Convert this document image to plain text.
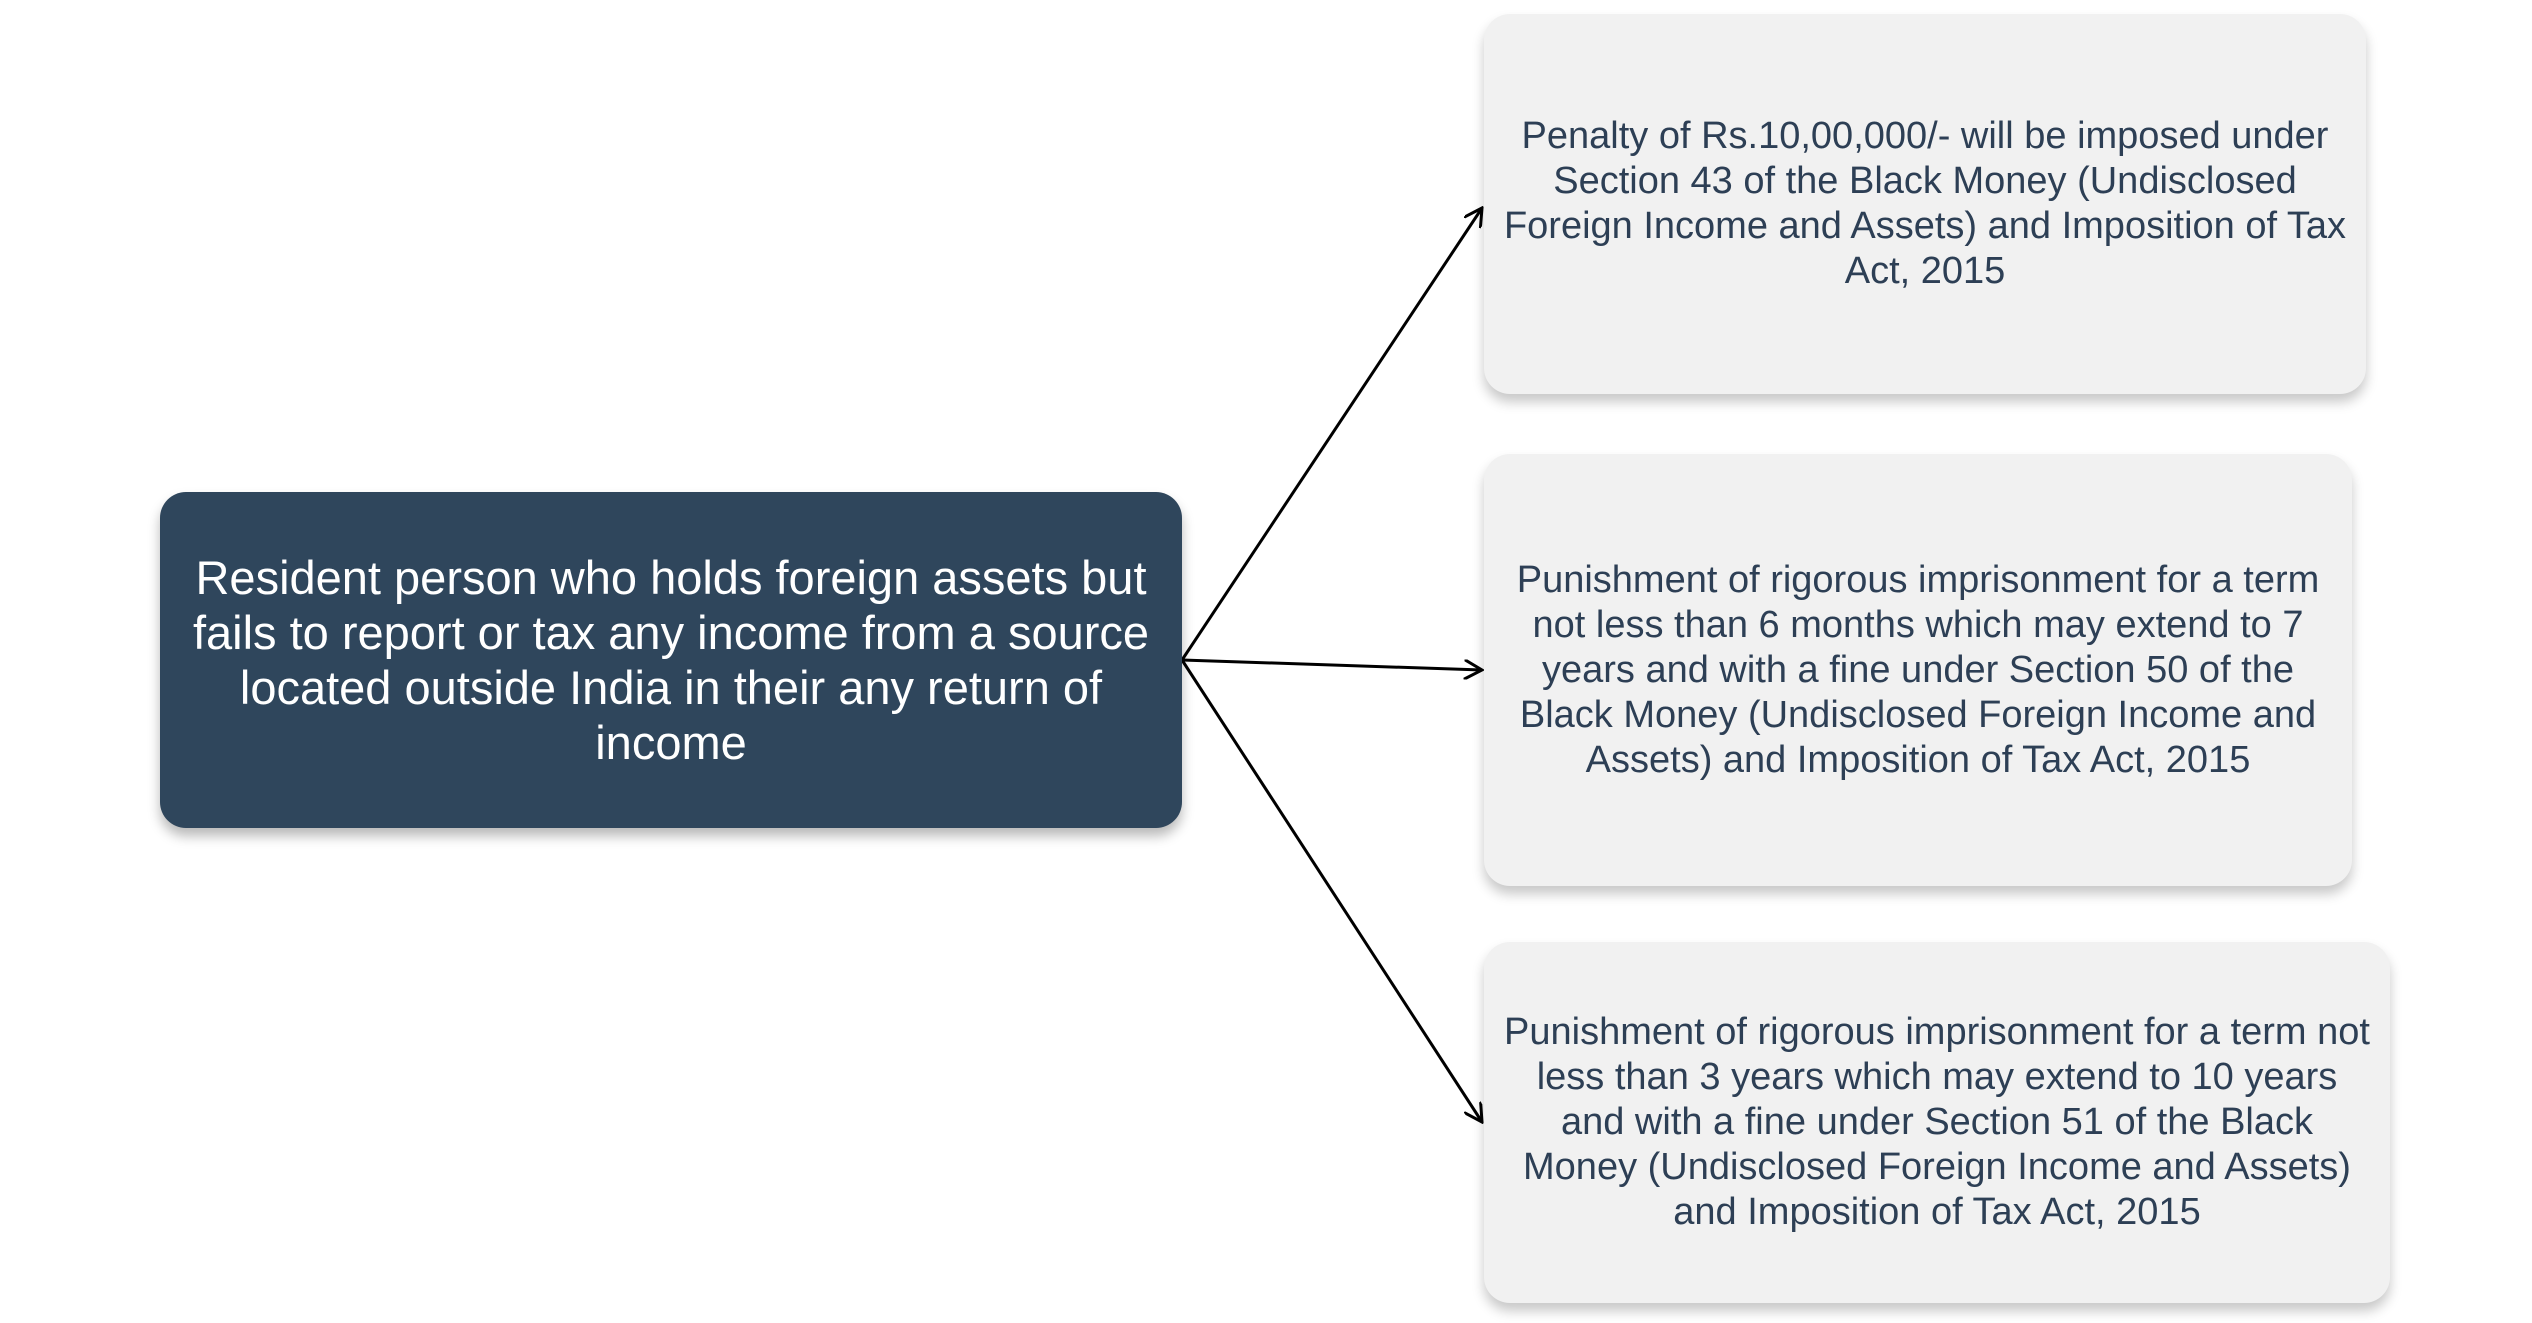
Resident person who holds foreign assets but fails to report or tax any income from a source located outside India in their any return of income
Penalty of Rs.10,00,000/- will be imposed under Section 43 of the Black Money (Undisclosed Foreign Income and Assets) and Imposition of Tax Act, 2015
Punishment of rigorous imprisonment for a term not less than 6 months which may extend to 7 years and with a fine under Section 50 of the Black Money (Undisclosed Foreign Income and Assets) and Imposition of Tax Act, 2015
Punishment of rigorous imprisonment for a term not less than 3 years which may extend to 10 years and with a fine under Section 51 of the Black Money (Undisclosed Foreign Income and Assets) and Imposition of Tax Act, 2015
